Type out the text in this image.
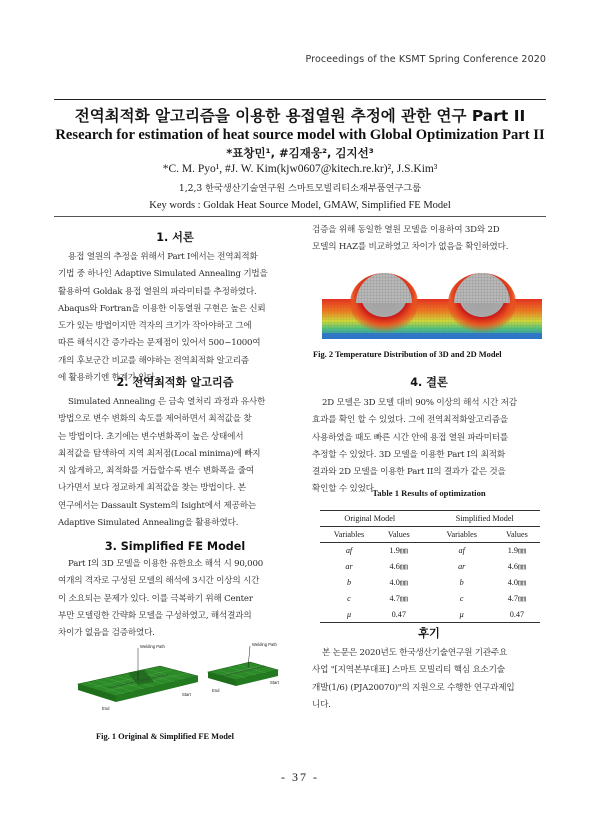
Proceedings of the KSMT Spring Conference 2020
전역최적화 알고리즘을 이용한 용접열원 추정에 관한 연구 Part II
Research for estimation of heat source model with Global Optimization Part II
*표창민¹, #김재웅², 김지선³
*C. M. Pyo¹, #J. W. Kim(kjw0607@kitech.re.kr)², J.S.Kim³
1,2,3 한국생산기술연구원 스마트모빌리티소재부품연구그룹
Key words : Goldak Heat Source Model, GMAW, Simplified FE Model
1. 서론
용접 열원의 추정을 위해서 Part I에서는 전역최적화
기법 중 하나인 Adaptive Simulated Annealing 기법을
활용하여 Goldak 용접 열원의 파라미터를 추정하였다.
Abaqus와 Fortran을 이용한 이동열원 구현은 높은 신뢰
도가 있는 방법이지만 격자의 크기가 작아야하고 그에
따른 해석시간 증가라는 문제점이 있어서 500~1000여
개의 후보군간 비교를 해야하는 전역최적화 알고리즘
에 활용하기엔 한계가 있다.
2. 전역최적화 알고리즘
Simulated Annealing 은 금속 열처리 과정과 유사한
방법으로 변수 변화의 속도를 제어하면서 최적값을 찾
는 방법이다. 초기에는 변수변화폭이 높은 상태에서
최적값을 탐색하여 지역 최저점(Local minima)에 빠지
지 않게하고, 최적화를 거듭할수록 변수 변화폭을 줄여
나가면서 보다 정교하게 최적값을 찾는 방법이다. 본
연구에서는 Dassault System의 Isight에서 제공하는
Adaptive Simulated Annealing을 활용하였다.
3. Simplified FE Model
Part I의 3D 모델을 이용한 유한요소 해석 시 90,000
여개의 격자로 구성된 모델의 해석에 3시간 이상의 시간
이 소요되는 문제가 있다. 이를 극복하기 위해 Center
부만 모델링한 간략화 모델을 구성하였고, 해석결과의
차이가 없음을 검증하였다.
Welding Path
End
Start
Welding Path
Start
End
Fig. 1 Original & Simplified FE Model
검증을 위해 동일한 열원 모델을 이용하여 3D와 2D
모델의 HAZ를 비교하였고 차이가 없음을 확인하였다.
Fig. 2 Temperature Distribution of 3D and 2D Model
4. 결론
2D 모델은 3D 모델 대비 90% 이상의 해석 시간 저감
효과를 확인 할 수 있었다. 그에 전역최적화알고리즘을
사용하였을 때도 빠른 시간 안에 용접 열원 파라미터를
추정할 수 있었다. 3D 모델을 이용한 Part I의 최적화
결과와 2D 모델을 이용한 Part II의 결과가 같은 것을
확인할 수 있었다.
Table 1 Results of optimization
Original Model			Simplified Model	
Variables	Values		Variables	Values
af	1.9㎜		af	1.9㎜
ar	4.6㎜		ar	4.6㎜
b	4.0㎜		b	4.0㎜
c	4.7㎜		c	4.7㎜
μ	0.47		μ	0.47
후기
본 논문은 2020년도 한국생산기술연구원 기관주요
사업 "[지역본부대표] 스마트 모빌리티 핵심 요소기술
개발(1/6) (PJA20070)"의 지원으로 수행한 연구과제입
니다.
- 37 -
